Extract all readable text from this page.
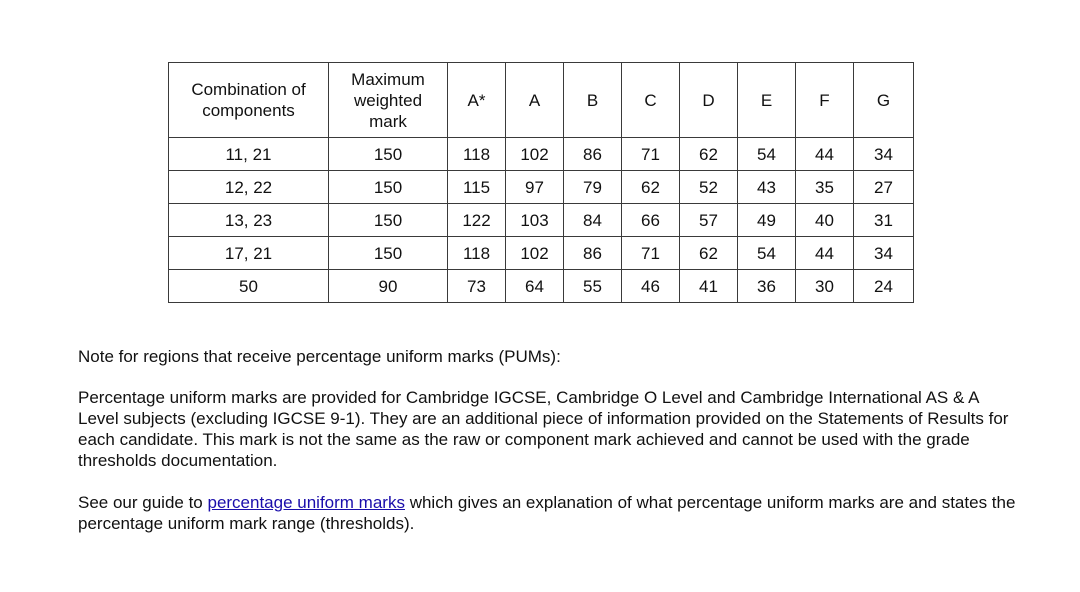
Combination of components	Maximum weighted mark	A*	A	B	C	D	E	F	G
11, 21	150	118	102	86	71	62	54	44	34
12, 22	150	115	97	79	62	52	43	35	27
13, 23	150	122	103	84	66	57	49	40	31
17, 21	150	118	102	86	71	62	54	44	34
50	90	73	64	55	46	41	36	30	24

Note for regions that receive percentage uniform marks (PUMs):

Percentage uniform marks are provided for Cambridge IGCSE, Cambridge O Level and Cambridge International AS & A Level subjects (excluding IGCSE 9-1). They are an additional piece of information provided on the Statements of Results for each candidate. This mark is not the same as the raw or component mark achieved and cannot be used with the grade thresholds documentation.

See our guide to percentage uniform marks which gives an explanation of what percentage uniform marks are and states the percentage uniform mark range (thresholds).
